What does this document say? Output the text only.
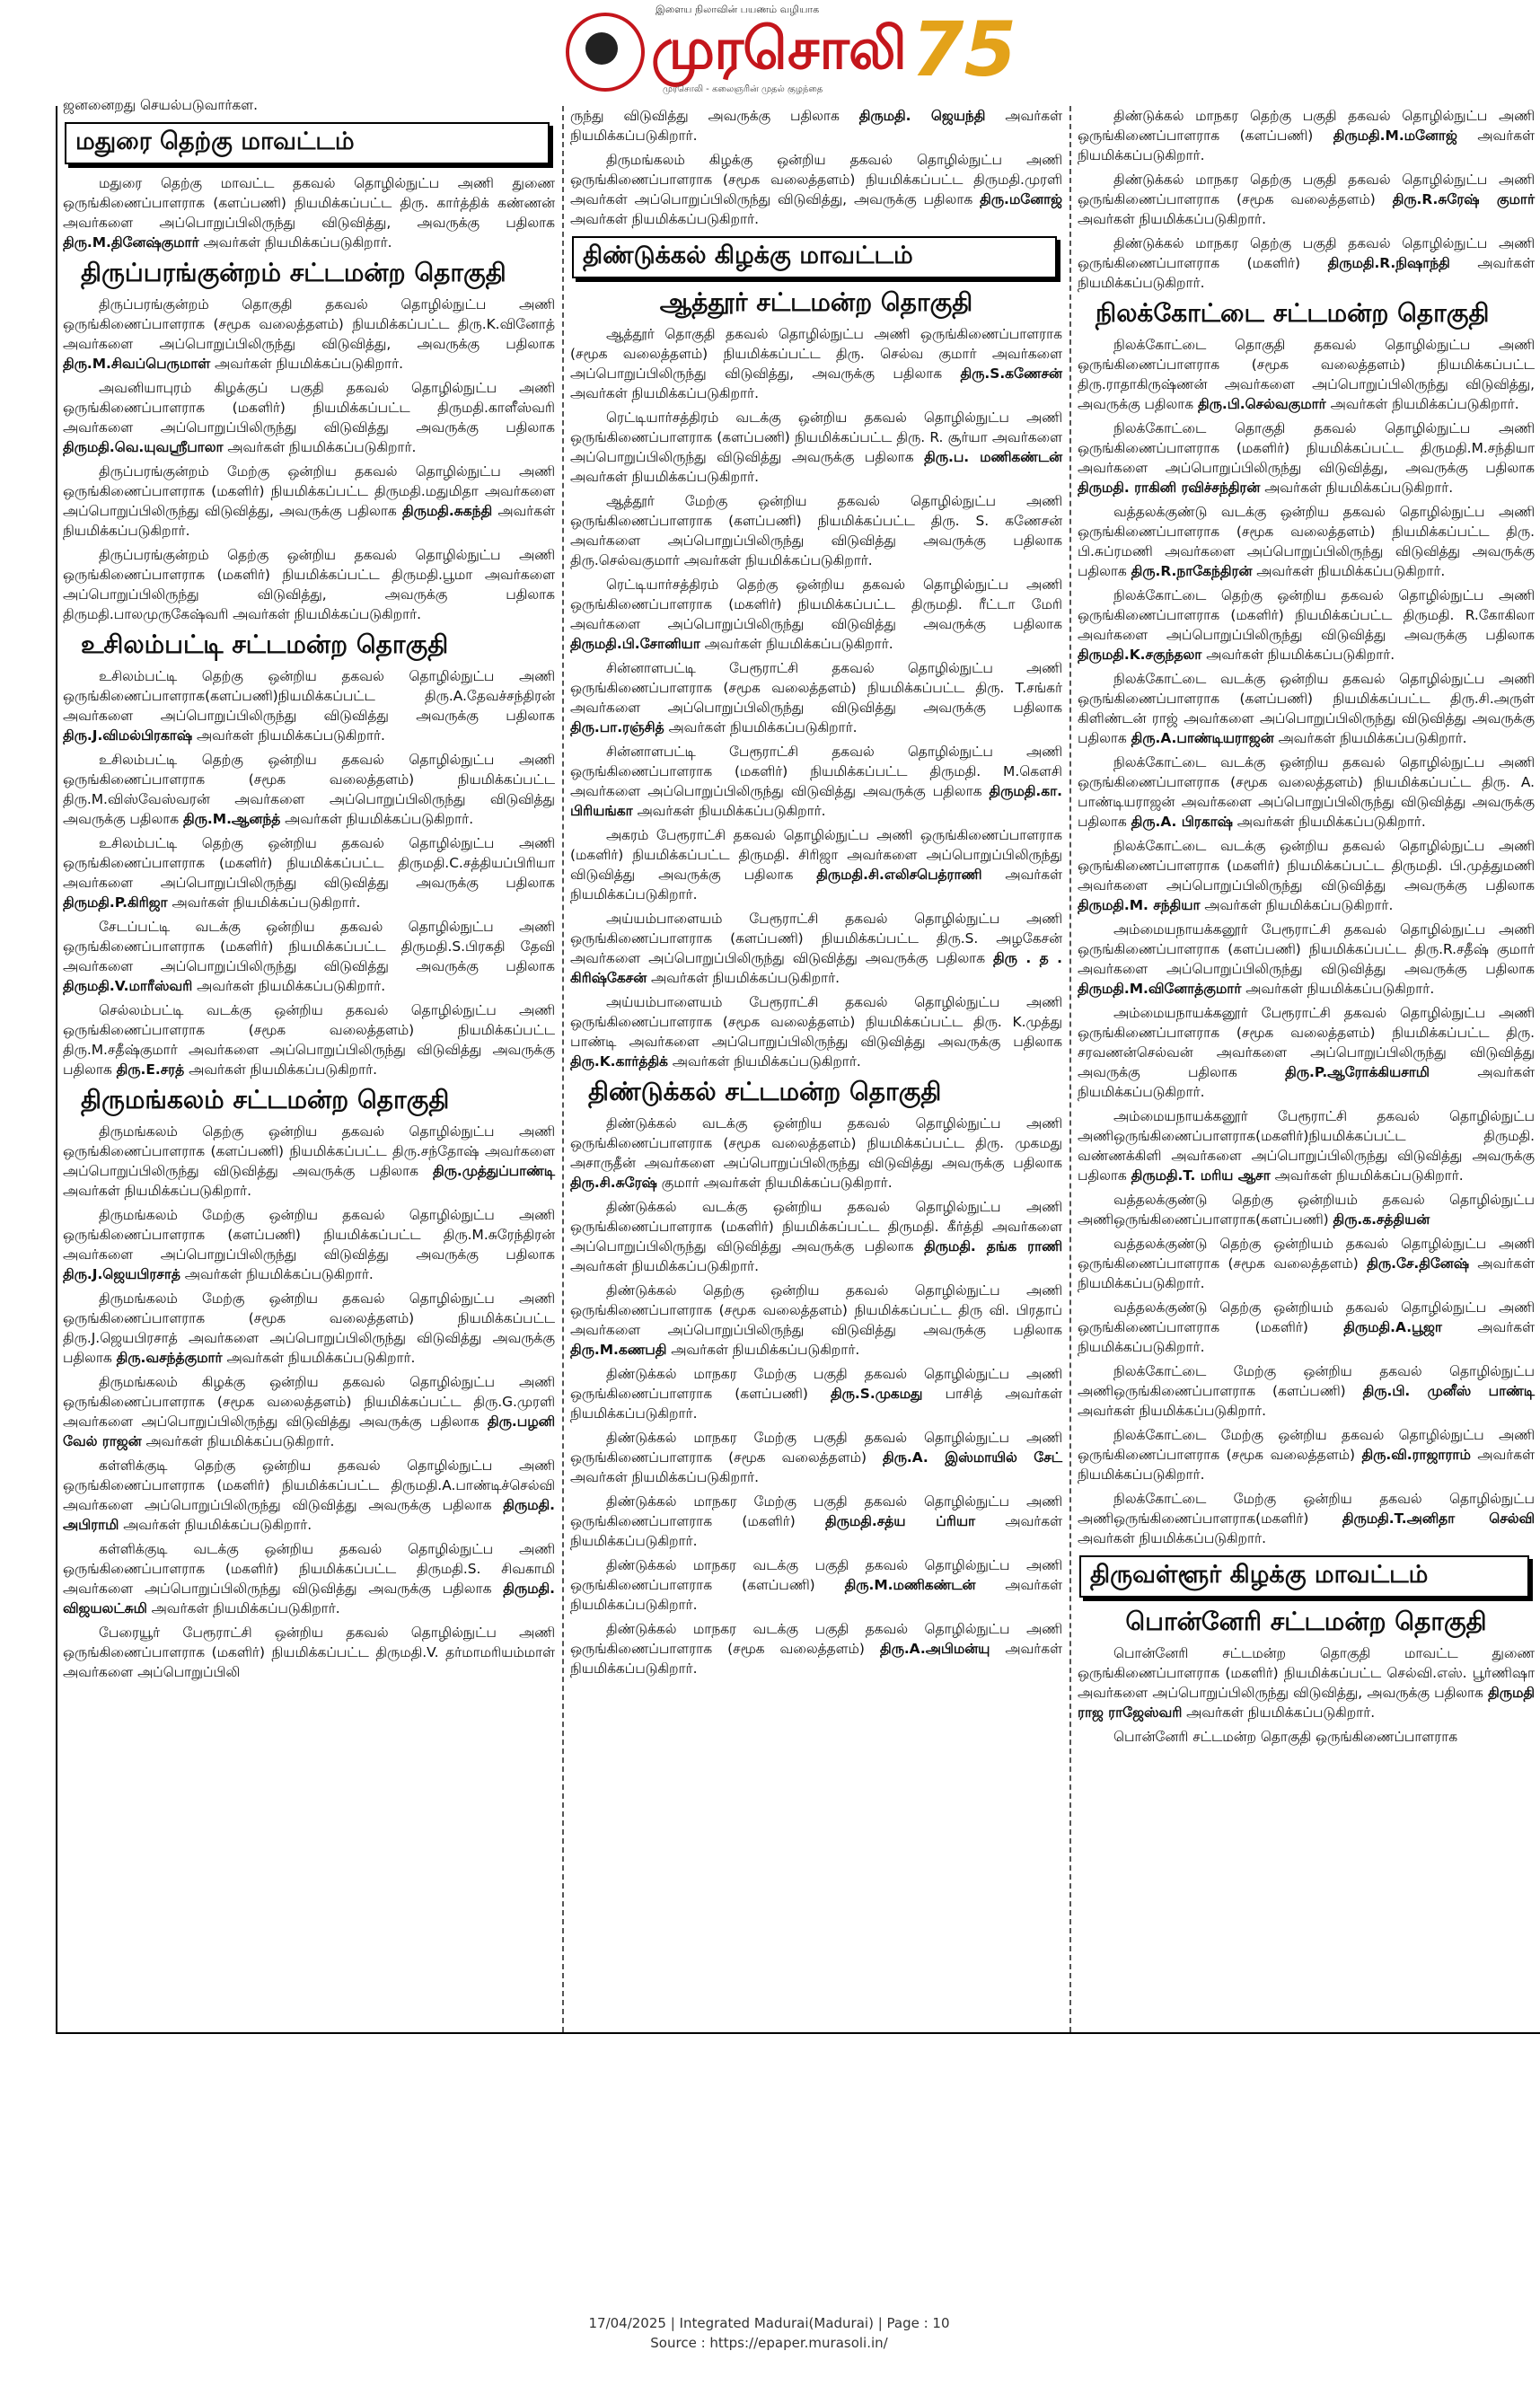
இளைய நிலாவின் பயணம் வழியாக
முரசொலி
முரசொலி - கலைஞரின் முதல் குழந்தை 75
ஜனனைறது செயல்படுவார்கள.
மதுரை தெற்கு மாவட்டம்

மதுரை தெற்கு மாவட்ட தகவல் தொழில்நுட்ப அணி துணை ஒருங்கிணைப்பாளராக (களப்பணி) நியமிக்கப்பட்ட திரு. கார்த்திக் கண்ணன் அவர்களை அப்பொறுப்பிலிருந்து விடுவித்து, அவருக்கு பதிலாக திரு.M.தினேஷ்குமார் அவர்கள் நியமிக்கப்படுகிறார்.

திருப்பரங்குன்றம் சட்டமன்ற தொகுதி

திருப்பரங்குன்றம் தொகுதி தகவல் தொழில்நுட்ப அணி ஒருங்கிணைப்பாளராக (சமூக வலைத்தளம்) நியமிக்கப்பட்ட திரு.K.வினோத் அவர்களை அப்பொறுப்பிலிருந்து விடுவித்து, அவருக்கு பதிலாக திரு.M.சிவப்பெருமாள் அவர்கள் நியமிக்கப்படுகிறார்.

அவனியாபுரம் கிழக்குப் பகுதி தகவல் தொழில்நுட்ப அணி ஒருங்கிணைப்பாளராக (மகளிர்) நியமிக்கப்பட்ட திருமதி.காளீஸ்வரி அவர்களை அப்பொறுப்பிலிருந்து விடுவித்து அவருக்கு பதிலாக திருமதி.வெ.யுவஸ்ரீபாலா அவர்கள் நியமிக்கப்படுகிறார்.

திருப்பரங்குன்றம் மேற்கு ஒன்றிய தகவல் தொழில்நுட்ப அணி ஒருங்கிணைப்பாளராக (மகளிர்) நியமிக்கப்பட்ட திருமதி.மதுமிதா அவர்களை அப்பொறுப்பிலிருந்து விடுவித்து, அவருக்கு பதிலாக திருமதி.சுகந்தி அவர்கள் நியமிக்கப்படுகிறார்.

திருப்பரங்குன்றம் தெற்கு ஒன்றிய தகவல் தொழில்நுட்ப அணி ஒருங்கிணைப்பாளராக (மகளிர்) நியமிக்கப்பட்ட திருமதி.பூமா அவர்களை அப்பொறுப்பிலிருந்து விடுவித்து, அவருக்கு பதிலாக திருமதி.பாலமுருகேஷ்வரி அவர்கள் நியமிக்கப்படுகிறார்.

உசிலம்பட்டி சட்டமன்ற தொகுதி

உசிலம்பட்டி தெற்கு ஒன்றிய தகவல் தொழில்நுட்ப அணி ஒருங்கிணைப்பாளராக(களப்பணி)நியமிக்கப்பட்ட திரு.A.தேவச்சந்திரன் அவர்களை அப்பொறுப்பிலிருந்து விடுவித்து அவருக்கு பதிலாக திரு.J.விமல்பிரகாஷ் அவர்கள் நியமிக்கப்படுகிறார்.

உசிலம்பட்டி தெற்கு ஒன்றிய தகவல் தொழில்நுட்ப அணி ஒருங்கிணைப்பாளராக (சமூக வலைத்தளம்) நியமிக்கப்பட்ட திரு.M.விஸ்வேஸ்வரன் அவர்களை அப்பொறுப்பிலிருந்து விடுவித்து அவருக்கு பதிலாக திரு.M.ஆனந்த் அவர்கள் நியமிக்கப்படுகிறார்.

உசிலம்பட்டி தெற்கு ஒன்றிய தகவல் தொழில்நுட்ப அணி ஒருங்கிணைப்பாளராக (மகளிர்) நியமிக்கப்பட்ட திருமதி.C.சத்தியப்பிரியா அவர்களை அப்பொறுப்பிலிருந்து விடுவித்து அவருக்கு பதிலாக திருமதி.P.கிரிஜா அவர்கள் நியமிக்கப்படுகிறார்.

சேடப்பட்டி வடக்கு ஒன்றிய தகவல் தொழில்நுட்ப அணி ஒருங்கிணைப்பாளராக (மகளிர்) நியமிக்கப்பட்ட திருமதி.S.பிரகதி தேவி அவர்களை அப்பொறுப்பிலிருந்து விடுவித்து அவருக்கு பதிலாக திருமதி.V.மாரீஸ்வரி அவர்கள் நியமிக்கப்படுகிறார்.

செல்லம்பட்டி வடக்கு ஒன்றிய தகவல் தொழில்நுட்ப அணி ஒருங்கிணைப்பாளராக (சமூக வலைத்தளம்) நியமிக்கப்பட்ட திரு.M.சதீஷ்குமார் அவர்களை அப்பொறுப்பிலிருந்து விடுவித்து அவருக்கு பதிலாக திரு.E.சரத் அவர்கள் நியமிக்கப்படுகிறார்.

திருமங்கலம் சட்டமன்ற தொகுதி

திருமங்கலம் தெற்கு ஒன்றிய தகவல் தொழில்நுட்ப அணி ஒருங்கிணைப்பாளராக (களப்பணி) நியமிக்கப்பட்ட திரு.சந்தோஷ் அவர்களை அப்பொறுப்பிலிருந்து விடுவித்து அவருக்கு பதிலாக திரு.முத்துப்பாண்டி அவர்கள் நியமிக்கப்படுகிறார்.

திருமங்கலம் மேற்கு ஒன்றிய தகவல் தொழில்நுட்ப அணி ஒருங்கிணைப்பாளராக (களப்பணி) நியமிக்கப்பட்ட திரு.M.சுரேந்திரன் அவர்களை அப்பொறுப்பிலிருந்து விடுவித்து அவருக்கு பதிலாக திரு.J.ஜெயபிரசாத் அவர்கள் நியமிக்கப்படுகிறார்.

திருமங்கலம் மேற்கு ஒன்றிய தகவல் தொழில்நுட்ப அணி ஒருங்கிணைப்பாளராக (சமூக வலைத்தளம்) நியமிக்கப்பட்ட திரு.J.ஜெயபிரசாத் அவர்களை அப்பொறுப்பிலிருந்து விடுவித்து அவருக்கு பதிலாக திரு.வசந்த்குமார் அவர்கள் நியமிக்கப்படுகிறார்.

திருமங்கலம் கிழக்கு ஒன்றிய தகவல் தொழில்நுட்ப அணி ஒருங்கிணைப்பாளராக (சமூக வலைத்தளம்) நியமிக்கப்பட்ட திரு.G.முரளி அவர்களை அப்பொறுப்பிலிருந்து விடுவித்து அவருக்கு பதிலாக திரு.பழனி வேல் ராஜன் அவர்கள் நியமிக்கப்படுகிறார்.

கள்ளிக்குடி தெற்கு ஒன்றிய தகவல் தொழில்நுட்ப அணி ஒருங்கிணைப்பாளராக (மகளிர்) நியமிக்கப்பட்ட திருமதி.A.பாண்டிச்செல்வி அவர்களை அப்பொறுப்பிலிருந்து விடுவித்து அவருக்கு பதிலாக திருமதி. அபிராமி அவர்கள் நியமிக்கப்படுகிறார்.

கள்ளிக்குடி வடக்கு ஒன்றிய தகவல் தொழில்நுட்ப அணி ஒருங்கிணைப்பாளராக (மகளிர்) நியமிக்கப்பட்ட திருமதி.S. சிவகாமி அவர்களை அப்பொறுப்பிலிருந்து விடுவித்து அவருக்கு பதிலாக திருமதி. விஜயலட்சுமி அவர்கள் நியமிக்கப்படுகிறார்.

பேரையூர் பேரூராட்சி ஒன்றிய தகவல் தொழில்நுட்ப அணி ஒருங்கிணைப்பாளராக (மகளிர்) நியமிக்கப்பட்ட திருமதி.V. தர்மாமரியம்மாள் அவர்களை அப்பொறுப்பிலி

ருந்து விடுவித்து அவருக்கு பதிலாக திருமதி. ஜெயந்தி அவர்கள் நியமிக்கப்படுகிறார்.

திருமங்கலம் கிழக்கு ஒன்றிய தகவல் தொழில்நுட்ப அணி ஒருங்கிணைப்பாளராக (சமூக வலைத்தளம்) நியமிக்கப்பட்ட திருமதி.முரளி அவர்கள் அப்பொறுப்பிலிருந்து விடுவித்து, அவருக்கு பதிலாக திரு.மனோஜ் அவர்கள் நியமிக்கப்படுகிறார்.

திண்டுக்கல் கிழக்கு மாவட்டம்
ஆத்தூர் சட்டமன்ற தொகுதி

ஆத்தூர் தொகுதி தகவல் தொழில்நுட்ப அணி ஒருங்கிணைப்பாளராக (சமூக வலைத்தளம்) நியமிக்கப்பட்ட திரு. செல்வ குமார் அவர்களை அப்பொறுப்பிலிருந்து விடுவித்து, அவருக்கு பதிலாக திரு.S.கணேசன் அவர்கள் நியமிக்கப்படுகிறார்.

ரெட்டியார்சத்திரம் வடக்கு ஒன்றிய தகவல் தொழில்நுட்ப அணி ஒருங்கிணைப்பாளராக (களப்பணி) நியமிக்கப்பட்ட திரு. R. சூர்யா அவர்களை அப்பொறுப்பிலிருந்து விடுவித்து அவருக்கு பதிலாக திரு.ப. மணிகண்டன் அவர்கள் நியமிக்கப்படுகிறார்.

ஆத்தூர் மேற்கு ஒன்றிய தகவல் தொழில்நுட்ப அணி ஒருங்கிணைப்பாளராக (களப்பணி) நியமிக்கப்பட்ட திரு. S. கணேசன் அவர்களை அப்பொறுப்பிலிருந்து விடுவித்து அவருக்கு பதிலாக திரு.செல்வகுமார் அவர்கள் நியமிக்கப்படுகிறார்.

ரெட்டியார்சத்திரம் தெற்கு ஒன்றிய தகவல் தொழில்நுட்ப அணி ஒருங்கிணைப்பாளராக (மகளிர்) நியமிக்கப்பட்ட திருமதி. ரீட்டா மேரி அவர்களை அப்பொறுப்பிலிருந்து விடுவித்து அவருக்கு பதிலாக திருமதி.பி.சோனியா அவர்கள் நியமிக்கப்படுகிறார்.

சின்னாளபட்டி பேரூராட்சி தகவல் தொழில்நுட்ப அணி ஒருங்கிணைப்பாளராக (சமூக வலைத்தளம்) நியமிக்கப்பட்ட திரு. T.சங்கர் அவர்களை அப்பொறுப்பிலிருந்து விடுவித்து அவருக்கு பதிலாக திரு.பா.ரஞ்சித் அவர்கள் நியமிக்கப்படுகிறார்.

சின்னாளபட்டி பேரூராட்சி தகவல் தொழில்நுட்ப அணி ஒருங்கிணைப்பாளராக (மகளிர்) நியமிக்கப்பட்ட திருமதி. M.கௌசி அவர்களை அப்பொறுப்பிலிருந்து விடுவித்து அவருக்கு பதிலாக திருமதி.கா. பிரியங்கா அவர்கள் நியமிக்கப்படுகிறார்.

அகரம் பேரூராட்சி தகவல் தொழில்நுட்ப அணி ஒருங்கிணைப்பாளராக (மகளிர்) நியமிக்கப்பட்ட திருமதி. சிரிஜா அவர்களை அப்பொறுப்பிலிருந்து விடுவித்து அவருக்கு பதிலாக திருமதி.சி.எலிசபெத்ராணி அவர்கள் நியமிக்கப்படுகிறார்.

அய்யம்பாளையம் பேரூராட்சி தகவல் தொழில்நுட்ப அணி ஒருங்கிணைப்பாளராக (களப்பணி) நியமிக்கப்பட்ட திரு.S. அழகேசன் அவர்களை அப்பொறுப்பிலிருந்து விடுவித்து அவருக்கு பதிலாக திரு . த . கிரிஷ்கேசன் அவர்கள் நியமிக்கப்படுகிறார்.

அய்யம்பாளையம் பேரூராட்சி தகவல் தொழில்நுட்ப அணி ஒருங்கிணைப்பாளராக (சமூக வலைத்தளம்) நியமிக்கப்பட்ட திரு. K.முத்து பாண்டி அவர்களை அப்பொறுப்பிலிருந்து விடுவித்து அவருக்கு பதிலாக திரு.K.கார்த்திக் அவர்கள் நியமிக்கப்படுகிறார்.

திண்டுக்கல் சட்டமன்ற தொகுதி

திண்டுக்கல் வடக்கு ஒன்றிய தகவல் தொழில்நுட்ப அணி ஒருங்கிணைப்பாளராக (சமூக வலைத்தளம்) நியமிக்கப்பட்ட திரு. முகமது அசாருதீன் அவர்களை அப்பொறுப்பிலிருந்து விடுவித்து அவருக்கு பதிலாக திரு.சி.சுரேஷ் குமார் அவர்கள் நியமிக்கப்படுகிறார்.

திண்டுக்கல் வடக்கு ஒன்றிய தகவல் தொழில்நுட்ப அணி ஒருங்கிணைப்பாளராக (மகளிர்) நியமிக்கப்பட்ட திருமதி. கீர்த்தி அவர்களை அப்பொறுப்பிலிருந்து விடுவித்து அவருக்கு பதிலாக திருமதி. தங்க ராணி அவர்கள் நியமிக்கப்படுகிறார்.

திண்டுக்கல் தெற்கு ஒன்றிய தகவல் தொழில்நுட்ப அணி ஒருங்கிணைப்பாளராக (சமூக வலைத்தளம்) நியமிக்கப்பட்ட திரு வி. பிரதாப் அவர்களை அப்பொறுப்பிலிருந்து விடுவித்து அவருக்கு பதிலாக திரு.M.கணபதி அவர்கள் நியமிக்கப்படுகிறார்.

திண்டுக்கல் மாநகர மேற்கு பகுதி தகவல் தொழில்நுட்ப அணி ஒருங்கிணைப்பாளராக (களப்பணி) திரு.S.முகமது பாசித் அவர்கள் நியமிக்கப்படுகிறார்.

திண்டுக்கல் மாநகர மேற்கு பகுதி தகவல் தொழில்நுட்ப அணி ஒருங்கிணைப்பாளராக (சமூக வலைத்தளம்) திரு.A. இஸ்மாயில் சேட் அவர்கள் நியமிக்கப்படுகிறார்.

திண்டுக்கல் மாநகர மேற்கு பகுதி தகவல் தொழில்நுட்ப அணி ஒருங்கிணைப்பாளராக (மகளிர்) திருமதி.சத்ய ப்ரியா அவர்கள் நியமிக்கப்படுகிறார்.

திண்டுக்கல் மாநகர வடக்கு பகுதி தகவல் தொழில்நுட்ப அணி ஒருங்கிணைப்பாளராக (களப்பணி) திரு.M.மணிகண்டன் அவர்கள் நியமிக்கப்படுகிறார்.

திண்டுக்கல் மாநகர வடக்கு பகுதி தகவல் தொழில்நுட்ப அணி ஒருங்கிணைப்பாளராக (சமூக வலைத்தளம்) திரு.A.அபிமன்யு அவர்கள் நியமிக்கப்படுகிறார்.

திண்டுக்கல் மாநகர தெற்கு பகுதி தகவல் தொழில்நுட்ப அணி ஒருங்கிணைப்பாளராக (களப்பணி) திருமதி.M.மனோஜ் அவர்கள் நியமிக்கப்படுகிறார்.

திண்டுக்கல் மாநகர தெற்கு பகுதி தகவல் தொழில்நுட்ப அணி ஒருங்கிணைப்பாளராக (சமூக வலைத்தளம்) திரு.R.சுரேஷ் குமார் அவர்கள் நியமிக்கப்படுகிறார்.

திண்டுக்கல் மாநகர தெற்கு பகுதி தகவல் தொழில்நுட்ப அணி ஒருங்கிணைப்பாளராக (மகளிர்) திருமதி.R.நிஷாந்தி அவர்கள் நியமிக்கப்படுகிறார்.

நிலக்கோட்டை சட்டமன்ற தொகுதி

நிலக்கோட்டை தொகுதி தகவல் தொழில்நுட்ப அணி ஒருங்கிணைப்பாளராக (சமூக வலைத்தளம்) நியமிக்கப்பட்ட திரு.ராதாகிருஷ்ணன் அவர்களை அப்பொறுப்பிலிருந்து விடுவித்து, அவருக்கு பதிலாக திரு.பி.செல்வகுமார் அவர்கள் நியமிக்கப்படுகிறார்.

நிலக்கோட்டை தொகுதி தகவல் தொழில்நுட்ப அணி ஒருங்கிணைப்பாளராக (மகளிர்) நியமிக்கப்பட்ட திருமதி.M.சந்தியா அவர்களை அப்பொறுப்பிலிருந்து விடுவித்து, அவருக்கு பதிலாக திருமதி. ராகினி ரவிச்சந்திரன் அவர்கள் நியமிக்கப்படுகிறார்.

வத்தலக்குண்டு வடக்கு ஒன்றிய தகவல் தொழில்நுட்ப அணி ஒருங்கிணைப்பாளராக (சமூக வலைத்தளம்) நியமிக்கப்பட்ட திரு. பி.சுப்ரமணி அவர்களை அப்பொறுப்பிலிருந்து விடுவித்து அவருக்கு பதிலாக திரு.R.நாகேந்திரன் அவர்கள் நியமிக்கப்படுகிறார்.

நிலக்கோட்டை தெற்கு ஒன்றிய தகவல் தொழில்நுட்ப அணி ஒருங்கிணைப்பாளராக (மகளிர்) நியமிக்கப்பட்ட திருமதி. R.கோகிலா அவர்களை அப்பொறுப்பிலிருந்து விடுவித்து அவருக்கு பதிலாக திருமதி.K.சகுந்தலா அவர்கள் நியமிக்கப்படுகிறார்.

நிலக்கோட்டை வடக்கு ஒன்றிய தகவல் தொழில்நுட்ப அணி ஒருங்கிணைப்பாளராக (களப்பணி) நியமிக்கப்பட்ட திரு.சி.அருள் கிளிண்டன் ராஜ் அவர்களை அப்பொறுப்பிலிருந்து விடுவித்து அவருக்கு பதிலாக திரு.A.பாண்டியராஜன் அவர்கள் நியமிக்கப்படுகிறார்.

நிலக்கோட்டை வடக்கு ஒன்றிய தகவல் தொழில்நுட்ப அணி ஒருங்கிணைப்பாளராக (சமூக வலைத்தளம்) நியமிக்கப்பட்ட திரு. A. பாண்டியராஜன் அவர்களை அப்பொறுப்பிலிருந்து விடுவித்து அவருக்கு பதிலாக திரு.A. பிரகாஷ் அவர்கள் நியமிக்கப்படுகிறார்.

நிலக்கோட்டை வடக்கு ஒன்றிய தகவல் தொழில்நுட்ப அணி ஒருங்கிணைப்பாளராக (மகளிர்) நியமிக்கப்பட்ட திருமதி. பி.முத்துமணி அவர்களை அப்பொறுப்பிலிருந்து விடுவித்து அவருக்கு பதிலாக திருமதி.M. சந்தியா அவர்கள் நியமிக்கப்படுகிறார்.

அம்மையநாயக்கனூர் பேரூராட்சி தகவல் தொழில்நுட்ப அணி ஒருங்கிணைப்பாளராக (களப்பணி) நியமிக்கப்பட்ட திரு.R.சதீஷ் குமார் அவர்களை அப்பொறுப்பிலிருந்து விடுவித்து அவருக்கு பதிலாக திருமதி.M.வினோத்குமார் அவர்கள் நியமிக்கப்படுகிறார்.

அம்மையநாயக்கனூர் பேரூராட்சி தகவல் தொழில்நுட்ப அணி ஒருங்கிணைப்பாளராக (சமூக வலைத்தளம்) நியமிக்கப்பட்ட திரு. சரவணன்செல்வன் அவர்களை அப்பொறுப்பிலிருந்து விடுவித்து அவருக்கு பதிலாக திரு.P.ஆரோக்கியசாமி அவர்கள் நியமிக்கப்படுகிறார்.

அம்மையநாயக்கனூர் பேரூராட்சி தகவல் தொழில்நுட்ப அணிஒருங்கிணைப்பாளராக(மகளிர்)நியமிக்கப்பட்ட திருமதி. வண்ணக்கிளி அவர்களை அப்பொறுப்பிலிருந்து விடுவித்து அவருக்கு பதிலாக திருமதி.T. மரிய ஆசா அவர்கள் நியமிக்கப்படுகிறார்.

வத்தலக்குண்டு தெற்கு ஒன்றியம் தகவல் தொழில்நுட்ப அணிஒருங்கிணைப்பாளராக(களப்பணி) திரு.க.சத்தியன்

வத்தலக்குண்டு தெற்கு ஒன்றியம் தகவல் தொழில்நுட்ப அணி ஒருங்கிணைப்பாளராக (சமூக வலைத்தளம்) திரு.சே.தினேஷ் அவர்கள் நியமிக்கப்படுகிறார்.

வத்தலக்குண்டு தெற்கு ஒன்றியம் தகவல் தொழில்நுட்ப அணி ஒருங்கிணைப்பாளராக (மகளிர்) திருமதி.A.பூஜா அவர்கள் நியமிக்கப்படுகிறார்.

நிலக்கோட்டை மேற்கு ஒன்றிய தகவல் தொழில்நுட்ப அணிஒருங்கிணைப்பாளராக (களப்பணி) திரு.பி. முனீஸ் பாண்டி அவர்கள் நியமிக்கப்படுகிறார்.

நிலக்கோட்டை மேற்கு ஒன்றிய தகவல் தொழில்நுட்ப அணி ஒருங்கிணைப்பாளராக (சமூக வலைத்தளம்) திரு.வி.ராஜாராம் அவர்கள் நியமிக்கப்படுகிறார்.

நிலக்கோட்டை மேற்கு ஒன்றிய தகவல் தொழில்நுட்ப அணிஒருங்கிணைப்பாளராக(மகளிர்) திருமதி.T.அனிதா செல்வி அவர்கள் நியமிக்கப்படுகிறார்.

திருவள்ளூர் கிழக்கு மாவட்டம்
பொன்னேரி சட்டமன்ற தொகுதி

பொன்னேரி சட்டமன்ற தொகுதி மாவட்ட துணை ஒருங்கிணைப்பாளராக (மகளிர்) நியமிக்கப்பட்ட செல்வி.எஸ். பூர்ணிஷா அவர்களை அப்பொறுப்பிலிருந்து விடுவித்து, அவருக்கு பதிலாக திருமதி ராஜ ராஜேஸ்வரி அவர்கள் நியமிக்கப்படுகிறார்.

பொன்னேரி சட்டமன்ற தொகுதி ஒருங்கிணைப்பாளராக

17/04/2025 | Integrated Madurai(Madurai) | Page : 10
Source : https://epaper.murasoli.in/
